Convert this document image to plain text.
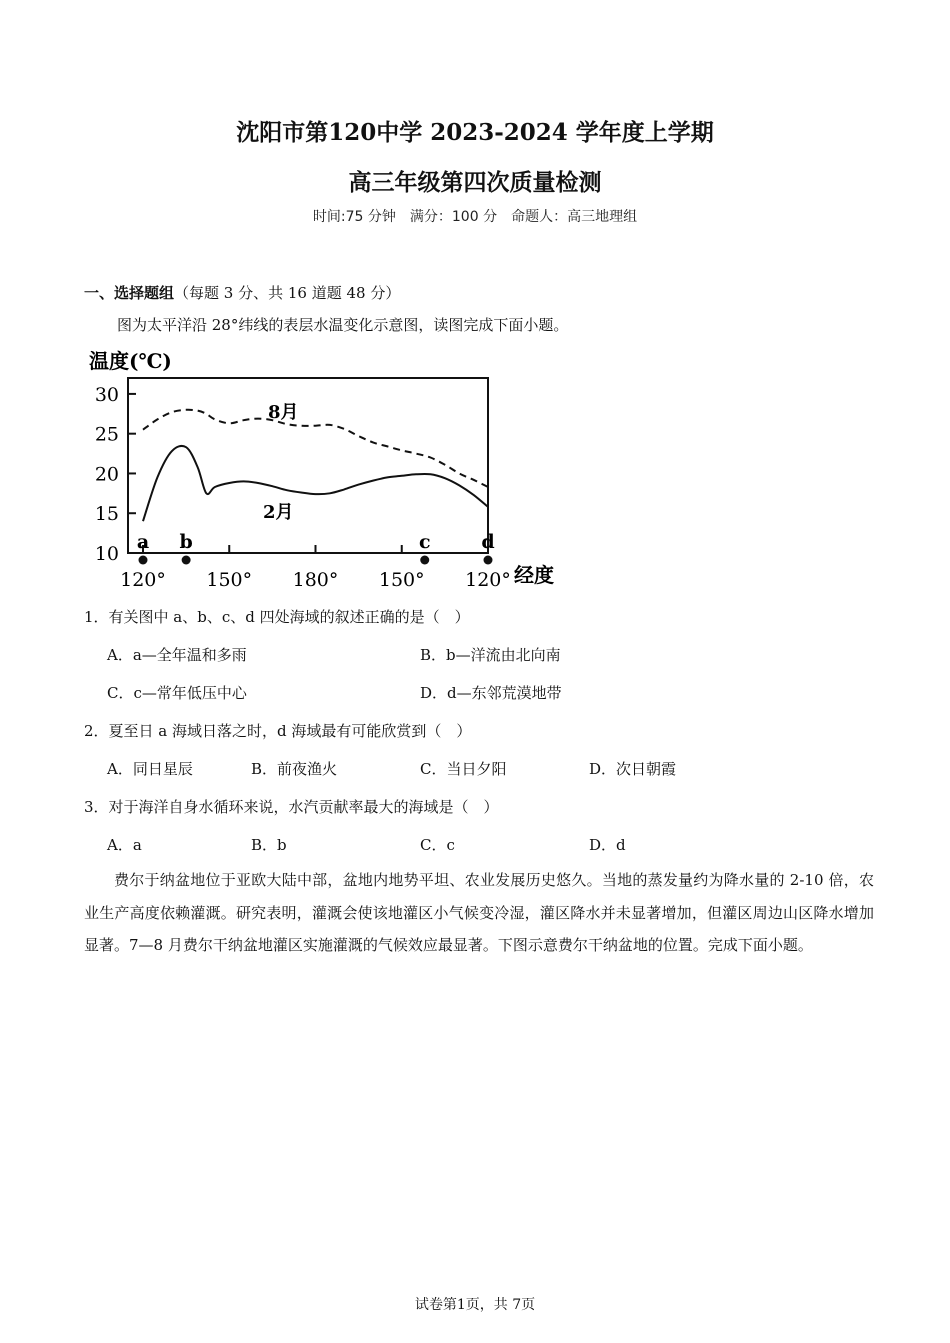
沈阳市第120中学 2023-2024 学年度上学期
高三年级第四次质量检测
时间:75 分钟　满分：100 分　命题人：高三地理组
一、选择题组（每题 3 分、共 16 道题 48 分）
图为太平洋沿 28°纬线的表层水温变化示意图，读图完成下面小题。
温度(℃)
30
25
20
15
10
120° 150° 180° 150° 120°
8月
2月
a b	c	d
经度
1．有关图中 a、b、c、d 四处海域的叙述正确的是（　）
A．a—全年温和多雨	B．b—洋流由北向南
C．c—常年低压中心	D．d—东邻荒漠地带
2．夏至日 a 海域日落之时，d 海域最有可能欣赏到（　）
A．同日星辰	B．前夜渔火	C．当日夕阳	D．次日朝霞
3．对于海洋自身水循环来说，水汽贡献率最大的海域是（　）
A．a	B．b	C．c	D．d
费尔于纳盆地位于亚欧大陆中部，盆地内地势平坦、农业发展历史悠久。当地的蒸发量约为降水量的 2-10 倍，农业生产高度依赖灌溉。研究表明，灌溉会使该地灌区小气候变冷湿，灌区降水并未显著增加，但灌区周边山区降水增加显著。7—8 月费尔干纳盆地灌区实施灌溉的气候效应最显著。下图示意费尔干纳盆地的位置。完成下面小题。
试卷第1页，共 7页
